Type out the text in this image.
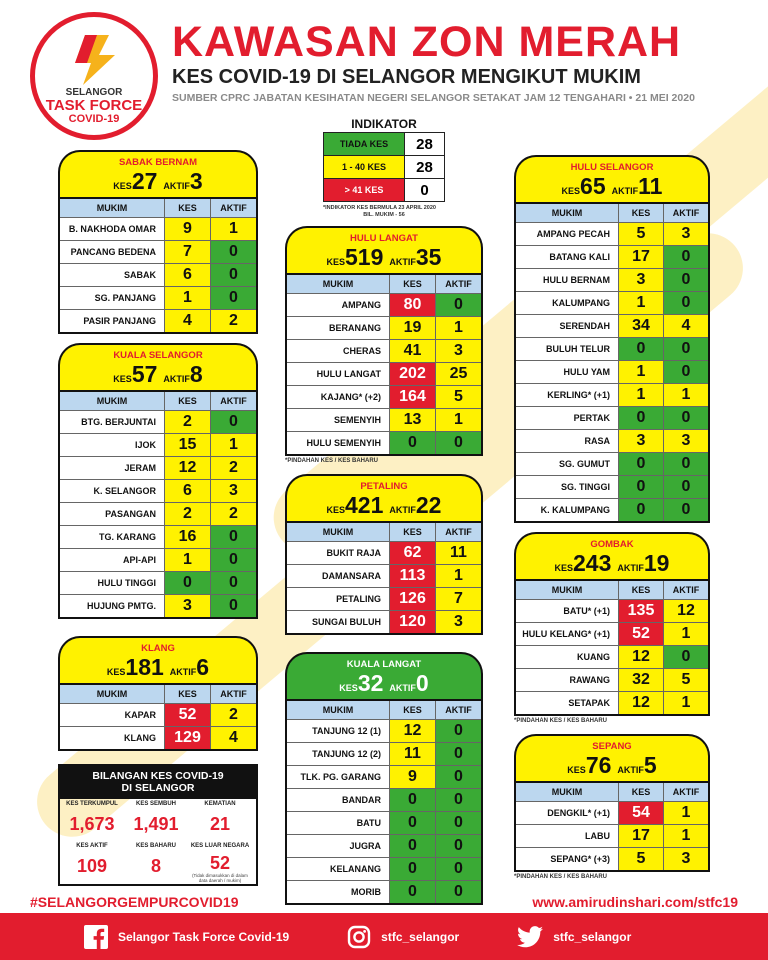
SELANGOR
TASK FORCE
COVID-19
KAWASAN ZON MERAH
KES COVID-19 DI SELANGOR MENGIKUT MUKIM
SUMBER CPRC JABATAN KESIHATAN NEGERI SELANGOR SETAKAT JAM 12 TENGAHARI • 21 MEI 2020
INDIKATOR
TIADA KES	28
1 - 40 KES	28
> 41 KES	0
*INDIKATOR KES BERMULA 23 APRIL 2020
BIL. MUKIM - 56
SABAK BERNAM
KES27 AKTIF3
MUKIM	KES	AKTIF
B. NAKHODA OMAR	9	1
PANCANG BEDENA	7	0
SABAK	6	0
SG. PANJANG	1	0
PASIR PANJANG	4	2
KUALA SELANGOR
KES57 AKTIF8
MUKIM	KES	AKTIF
BTG. BERJUNTAI	2	0
IJOK	15	1
JERAM	12	2
K. SELANGOR	6	3
PASANGAN	2	2
TG. KARANG	16	0
API-API	1	0
HULU TINGGI	0	0
HUJUNG PMTG.	3	0
KLANG
KES181 AKTIF6
MUKIM	KES	AKTIF
KAPAR	52	2
KLANG	129	4
HULU LANGAT
KES519 AKTIF35
MUKIM	KES	AKTIF
AMPANG	80	0
BERANANG	19	1
CHERAS	41	3
HULU LANGAT	202	25
KAJANG* (+2)	164	5
SEMENYIH	13	1
HULU SEMENYIH	0	0
*PINDAHAN KES / KES BAHARU
PETALING
KES421 AKTIF22
MUKIM	KES	AKTIF
BUKIT RAJA	62	11
DAMANSARA	113	1
PETALING	126	7
SUNGAI BULUH	120	3
KUALA LANGAT
KES32 AKTIF0
MUKIM	KES	AKTIF
TANJUNG 12 (1)	12	0
TANJUNG 12 (2)	11	0
TLK. PG. GARANG	9	0
BANDAR	0	0
BATU	0	0
JUGRA	0	0
KELANANG	0	0
MORIB	0	0
HULU SELANGOR
KES65 AKTIF11
MUKIM	KES	AKTIF
AMPANG PECAH	5	3
BATANG KALI	17	0
HULU BERNAM	3	0
KALUMPANG	1	0
SERENDAH	34	4
BULUH TELUR	0	0
HULU YAM	1	0
KERLING* (+1)	1	1
PERTAK	0	0
RASA	3	3
SG. GUMUT	0	0
SG. TINGGI	0	0
K. KALUMPANG	0	0
GOMBAK
KES243 AKTIF19
MUKIM	KES	AKTIF
BATU* (+1)	135	12
HULU KELANG* (+1)	52	1
KUANG	12	0
RAWANG	32	5
SETAPAK	12	1
*PINDAHAN KES / KES BAHARU
SEPANG
KES76 AKTIF5
MUKIM	KES	AKTIF
DENGKIL* (+1)	54	1
LABU	17	1
SEPANG* (+3)	5	3
*PINDAHAN KES / KES BAHARU
BILANGAN KES COVID-19
DI SELANGOR
KES TERKUMPUL
1,673
KES SEMBUH
1,491
KEMATIAN
21
KES AKTIF
109
KES BAHARU
8
KES LUAR NEGARA
52
(Tidak dimasukkan di dalam data daerah / mukim)
#SELANGORGEMPURCOVID19	www.amirudinshari.com/stfc19
Selangor Task Force Covid-19	stfc_selangor	stfc_selangor
